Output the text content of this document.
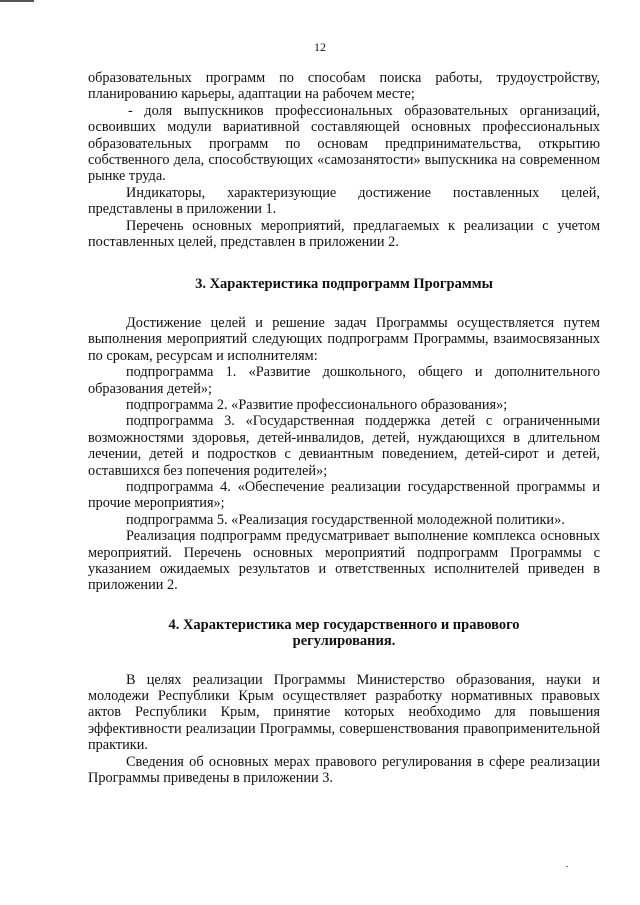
12

образовательных программ по способам поиска работы, трудоустройству, планированию карьеры, адаптации на рабочем месте;

- доля выпускников профессиональных образовательных организаций, освоивших модули вариативной составляющей основных профессиональных образовательных программ по основам предпринимательства, открытию собственного дела, способствующих «самозанятости» выпускника на современном рынке труда.

Индикаторы, характеризующие достижение поставленных целей, представлены в приложении 1.

Перечень основных мероприятий, предлагаемых к реализации с учетом поставленных целей, представлен в приложении 2.

3. Характеристика подпрограмм Программы

Достижение целей и решение задач Программы осуществляется путем выполнения мероприятий следующих подпрограмм Программы, взаимосвязанных по срокам, ресурсам и исполнителям:

подпрограмма 1. «Развитие дошкольного, общего и дополнительного образования детей»;

подпрограмма 2. «Развитие профессионального образования»;

подпрограмма 3. «Государственная поддержка детей с ограниченными возможностями здоровья, детей-инвалидов, детей, нуждающихся в длительном лечении, детей и подростков с девиантным поведением, детей-сирот и детей, оставшихся без попечения родителей»;

подпрограмма 4. «Обеспечение реализации государственной программы и прочие мероприятия»;

подпрограмма 5. «Реализация государственной молодежной политики».

Реализация подпрограмм предусматривает выполнение комплекса основных мероприятий. Перечень основных мероприятий подпрограмм Программы с указанием ожидаемых результатов и ответственных исполнителей приведен в приложении 2.

4. Характеристика мер государственного и правового
регулирования.

В целях реализации Программы Министерство образования, науки и молодежи Республики Крым осуществляет разработку нормативных правовых актов Республики Крым, принятие которых необходимо для повышения эффективности реализации Программы, совершенствования правоприменительной практики.

Сведения об основных мерах правового регулирования в сфере реализации Программы приведены в приложении 3.
